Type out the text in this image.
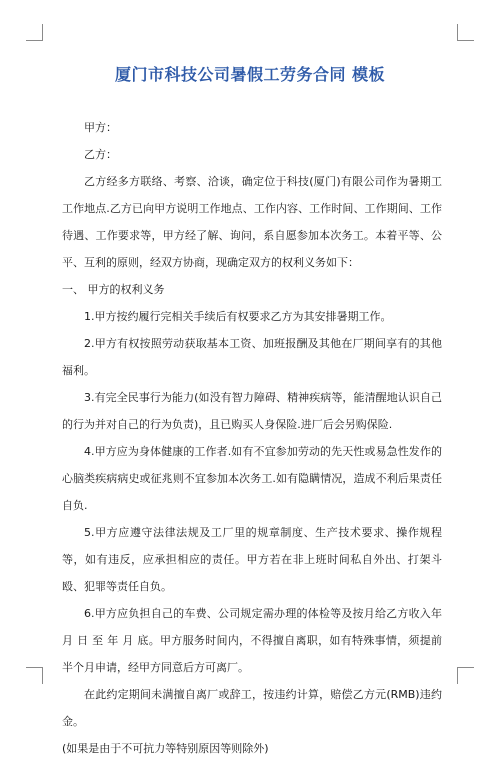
厦门市科技公司暑假工劳务合同 模板

甲方：

乙方：

乙方经多方联络、考察、洽谈，确定位于科技(厦门)有限公司作为暑期工工作地点.乙方已向甲方说明工作地点、工作内容、工作时间、工作期间、工作待遇、工作要求等，甲方经了解、询问，系自愿参加本次务工。本着平等、公平、互利的原则，经双方协商，现确定双方的权利义务如下：

一、 甲方的权利义务

1.甲方按约履行完相关手续后有权要求乙方为其安排暑期工作。

2.甲方有权按照劳动获取基本工资、加班报酬及其他在厂期间享有的其他福利。

3.有完全民事行为能力(如没有智力障碍、精神疾病等，能清醒地认识自己的行为并对自己的行为负责)，且已购买人身保险.进厂后会另购保险.

4.甲方应为身体健康的工作者.如有不宜参加劳动的先天性或易急性发作的心脑类疾病病史或征兆则不宜参加本次务工.如有隐瞒情况，造成不利后果责任自负.

5.甲方应遵守法律法规及工厂里的规章制度、生产技术要求、操作规程等，如有违反，应承担相应的责任。甲方若在非上班时间私自外出、打架斗殴、犯罪等责任自负。

6.甲方应负担自己的车费、公司规定需办理的体检等及按月给乙方收入年月 日 至 年 月 底。甲方服务时间内，不得擅自离职，如有特殊事情，须提前半个月申请，经甲方同意后方可离厂。

在此约定期间未满擅自离厂或辞工，按违约计算，赔偿乙方元(RMB)违约金。

(如果是由于不可抗力等特别原因等则除外)
